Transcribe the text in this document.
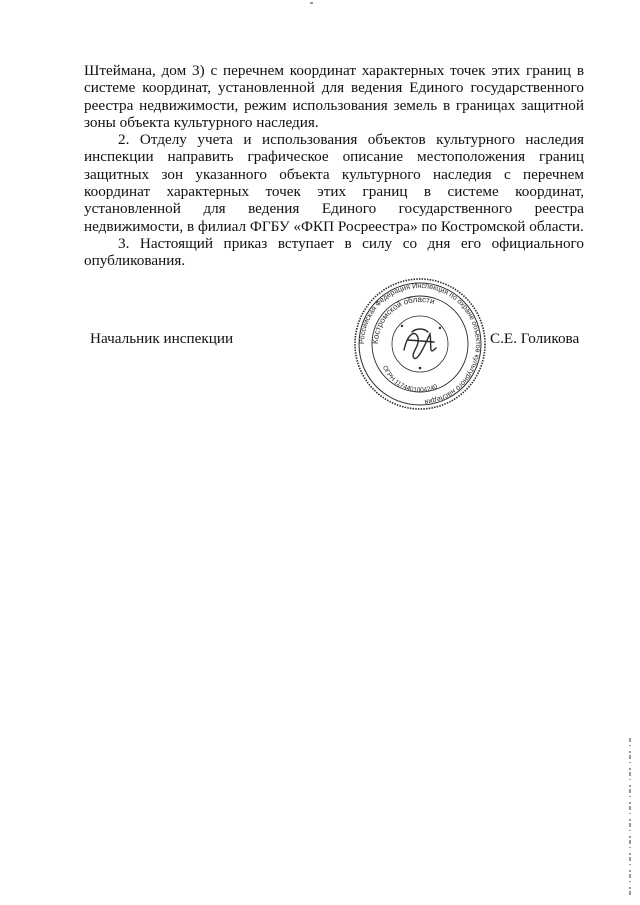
Штеймана, дом 3) с перечнем координат характерных точек этих границ в системе координат, установленной для ведения Единого государственного реестра недвижимости, режим использования земель в границах защитной зоны объекта культурного наследия.

2. Отделу учета и использования объектов культурного наследия инспекции направить графическое описание местоположения границ защитных зон указанного объекта культурного наследия с перечнем координат характерных точек этих границ в системе координат, установленной для ведения Единого государственного реестра недвижимости, в филиал ФГБУ «ФКП Росреестра» по Костромской области.

3. Настоящий приказ вступает в силу со дня его официального опубликования.

Начальник инспекции	С.Е. Голикова
Российская Федерация Инспекция по охране объектов культурного наследия
Костромской области
ОГРН 1174401004240
